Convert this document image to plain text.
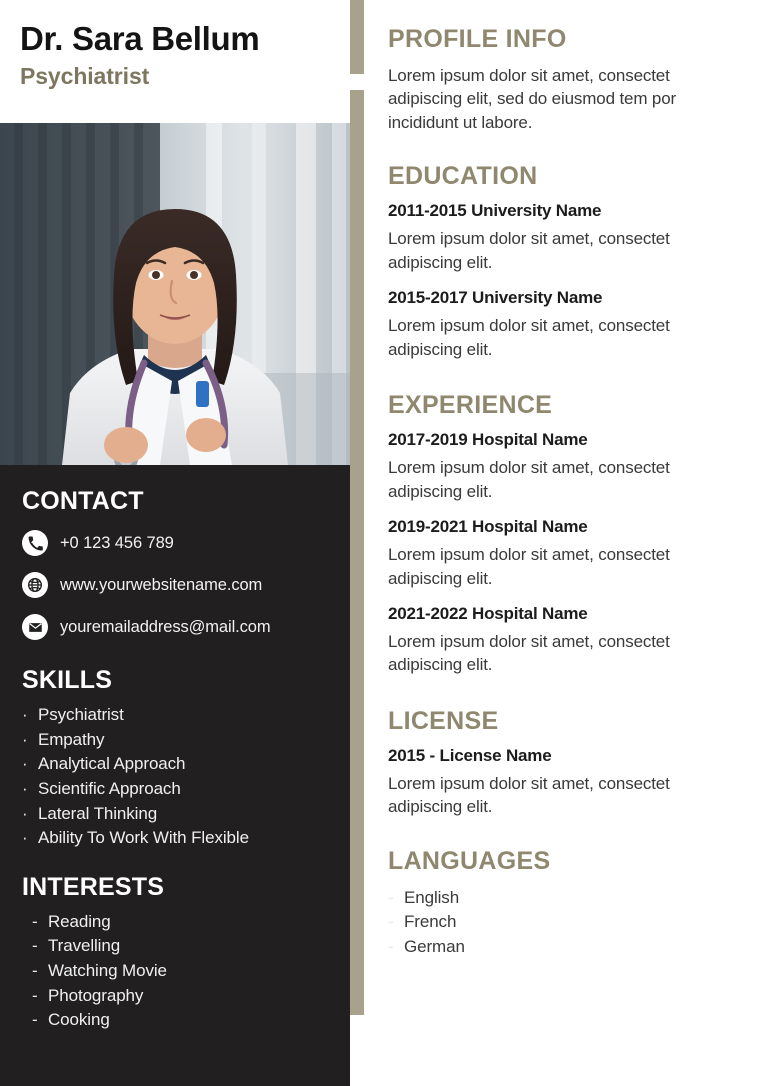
Dr. Sara Bellum
Psychiatrist
CONTACT
+0 123 456 789
www.yourwebsitename.com
youremailaddress@mail.com
SKILLS
· Psychiatrist
· Empathy
· Analytical Approach
· Scientific Approach
· Lateral Thinking
· Ability To Work With Flexible
INTERESTS
- Reading
- Travelling
- Watching Movie
- Photography
- Cooking
PROFILE INFO

Lorem ipsum dolor sit amet, consectet adipiscing elit, sed do eiusmod tem por incididunt ut labore.

EDUCATION
2011-2015 University Name

Lorem ipsum dolor sit amet, consectet adipiscing elit.

2015-2017 University Name

Lorem ipsum dolor sit amet, consectet adipiscing elit.

EXPERIENCE
2017-2019 Hospital Name

Lorem ipsum dolor sit amet, consectet adipiscing elit.

2019-2021 Hospital Name

Lorem ipsum dolor sit amet, consectet adipiscing elit.

2021-2022 Hospital Name

Lorem ipsum dolor sit amet, consectet adipiscing elit.

LICENSE
2015 - License Name

Lorem ipsum dolor sit amet, consectet adipiscing elit.

LANGUAGES
- English
- French
- German
